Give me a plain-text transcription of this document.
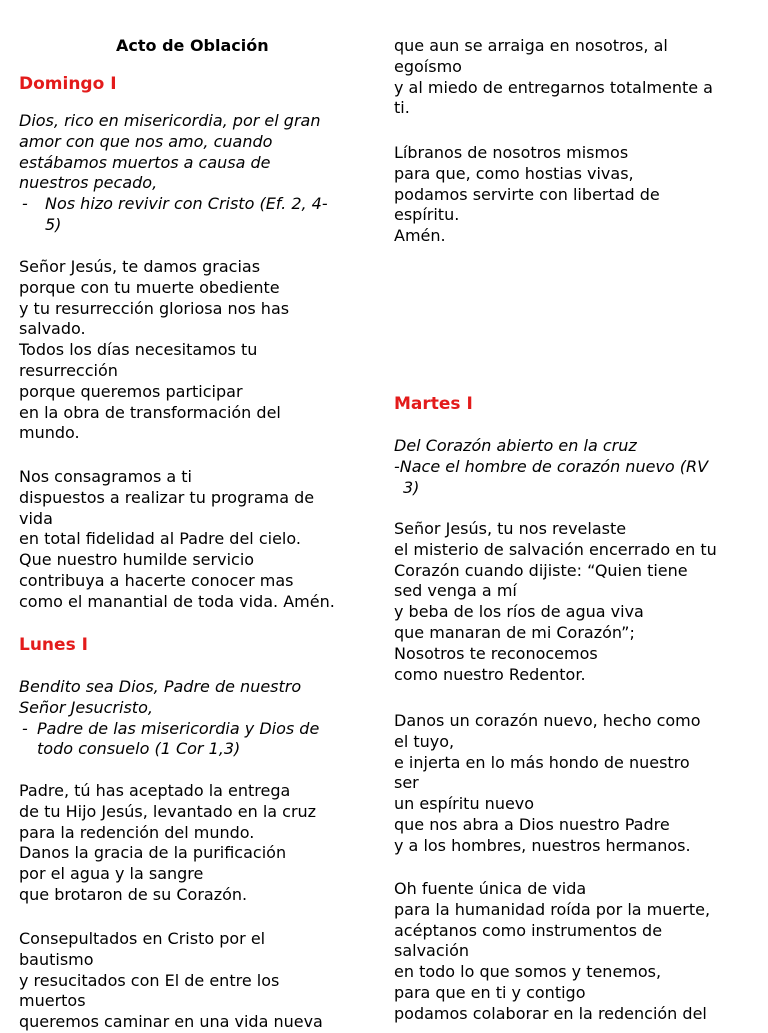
Acto de Oblación
Domingo I
Dios, rico en misericordia, por el gran
amor con que nos amo, cuando
estábamos muertos a causa de
nuestros pecado,
- Nos hizo revivir con Cristo (Ef. 2, 4-
5)
Señor Jesús, te damos gracias
porque con tu muerte obediente
y tu resurrección gloriosa nos has
salvado.
Todos los días necesitamos tu
resurrección
porque queremos participar
en la obra de transformación del
mundo.
Nos consagramos a ti
dispuestos a realizar tu programa de
vida
en total fidelidad al Padre del cielo.
Que nuestro humilde servicio
contribuya a hacerte conocer mas
como el manantial de toda vida. Amén.
Lunes I
Bendito sea Dios, Padre de nuestro
Señor Jesucristo,
- Padre de las misericordia y Dios de
todo consuelo (1 Cor 1,3)
Padre, tú has aceptado la entrega
de tu Hijo Jesús, levantado en la cruz
para la redención del mundo.
Danos la gracia de la purificación
por el agua y la sangre
que brotaron de su Corazón.
Consepultados en Cristo por el
bautismo
y resucitados con El de entre los
muertos
queremos caminar en una vida nueva
que aun se arraiga en nosotros, al
egoísmo
y al miedo de entregarnos totalmente a
ti.
Líbranos de nosotros mismos
para que, como hostias vivas,
podamos servirte con libertad de
espíritu.
Amén.
Martes I
Del Corazón abierto en la cruz
-Nace el hombre de corazón nuevo (RV
3)
Señor Jesús, tu nos revelaste
el misterio de salvación encerrado en tu
Corazón cuando dijiste: “Quien tiene
sed venga a mí
y beba de los ríos de agua viva
que manaran de mi Corazón”;
Nosotros te reconocemos
como nuestro Redentor.
Danos un corazón nuevo, hecho como
el tuyo,
e injerta en lo más hondo de nuestro
ser
un espíritu nuevo
que nos abra a Dios nuestro Padre
y a los hombres, nuestros hermanos.
Oh fuente única de vida
para la humanidad roída por la muerte,
acéptanos como instrumentos de
salvación
en todo lo que somos y tenemos,
para que en ti y contigo
podamos colaborar en la redención del
